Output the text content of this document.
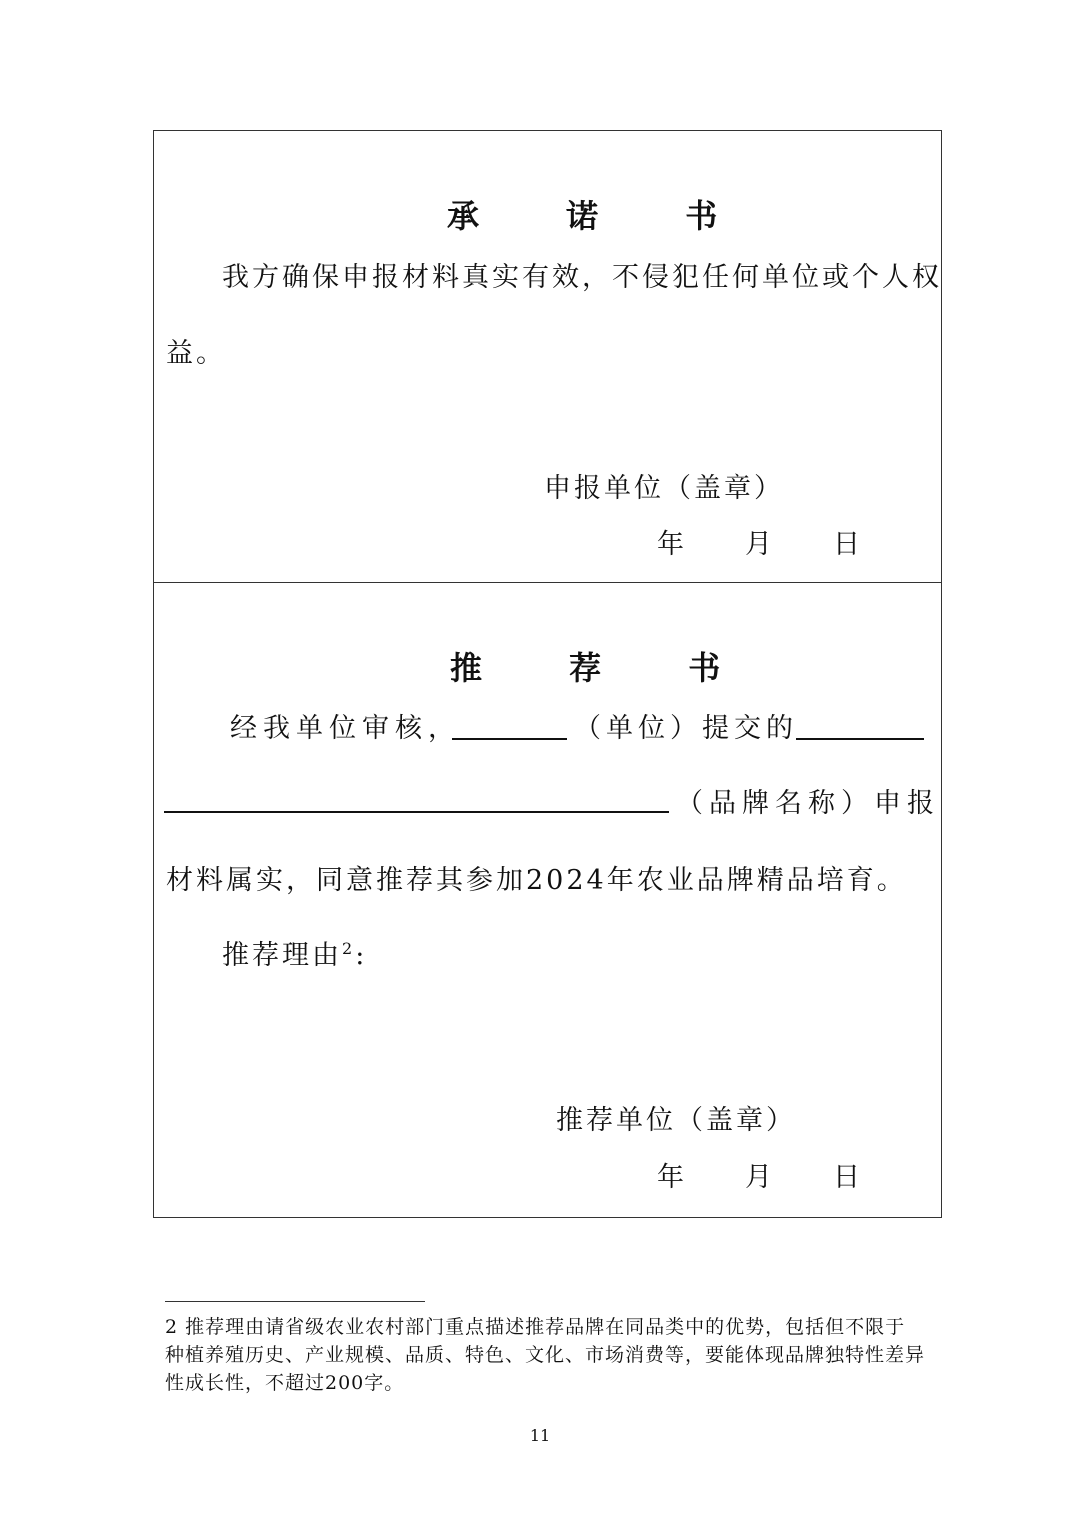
承 诺 书
我方确保申报材料真实有效，不侵犯任何单位或个人权
益。
申报单位（盖章）
年 月 日
推 荐 书
经我单位审核，	（单位）提交的
（品牌名称）申报
材料属实，同意推荐其参加2024年农业品牌精品培育。
推荐理由$^2$:
推荐单位（盖章）
年 月 日
2 推荐理由请省级农业农村部门重点描述推荐品牌在同品类中的优势，包括但不限于种植养殖历史、产业规模、品质、特色、文化、市场消费等，要能体现品牌独特性差异性成长性，不超过200字。
11
